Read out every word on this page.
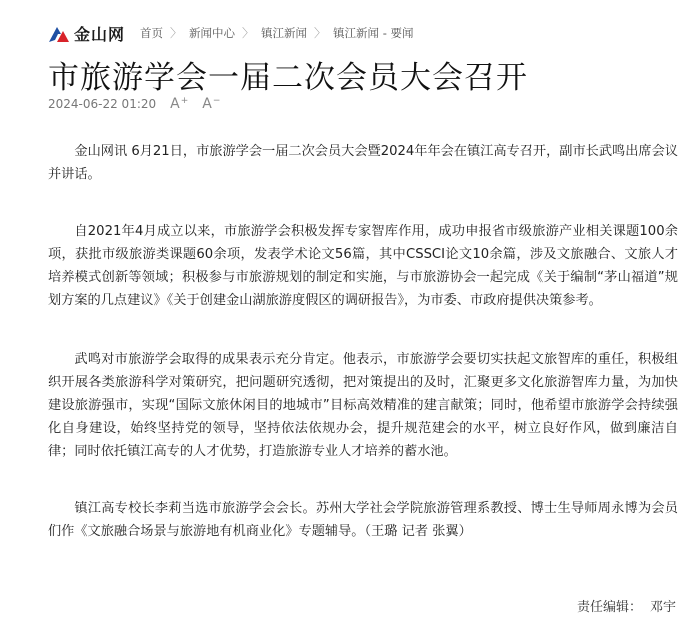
金山网 首页 〉 新闻中心 〉 镇江新闻 〉 镇江新闻 - 要闻
市旅游学会一届二次会员大会召开
2024-06-22 01:20 A+ A−

金山网讯 6月21日，市旅游学会一届二次会员大会暨2024年年会在镇江高专召开，副市长武鸣出席会议并讲话。

自2021年4月成立以来，市旅游学会积极发挥专家智库作用，成功申报省市级旅游产业相关课题100余项，获批市级旅游类课题60余项，发表学术论文56篇，其中CSSCI论文10余篇，涉及文旅融合、文旅人才培养模式创新等领域；积极参与市旅游规划的制定和实施，与市旅游协会一起完成《关于编制“茅山福道”规划方案的几点建议》《关于创建金山湖旅游度假区的调研报告》，为市委、市政府提供决策参考。

武鸣对市旅游学会取得的成果表示充分肯定。他表示，市旅游学会要切实扶起文旅智库的重任，积极组织开展各类旅游科学对策研究，把问题研究透彻，把对策提出的及时，汇聚更多文化旅游智库力量，为加快建设旅游强市，实现“国际文旅休闲目的地城市”目标高效精准的建言献策；同时，他希望市旅游学会持续强化自身建设，始终坚持党的领导，坚持依法依规办会，提升规范建会的水平，树立良好作风，做到廉洁自律；同时依托镇江高专的人才优势，打造旅游专业人才培养的蓄水池。

镇江高专校长李莉当选市旅游学会会长。苏州大学社会学院旅游管理系教授、博士生导师周永博为会员们作《文旅融合场景与旅游地有机商业化》专题辅导。（王璐 记者 张翼）

责任编辑： 邓宇
